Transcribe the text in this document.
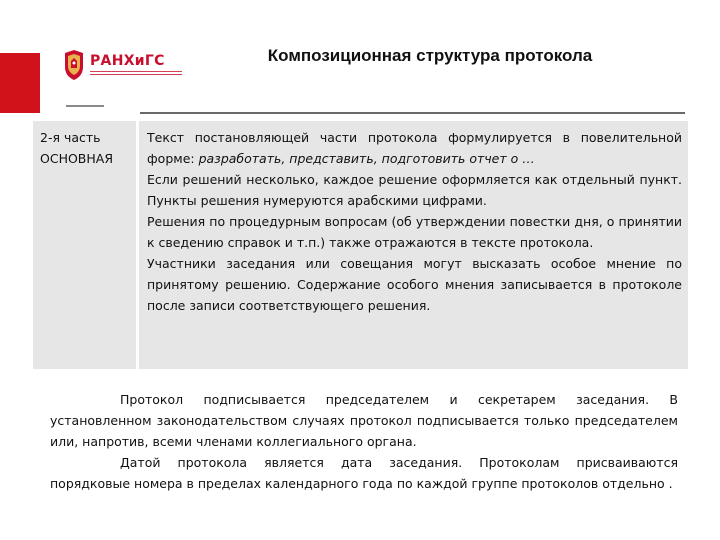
РАНХиГС	Композиционная структура протокола
2-я часть
ОСНОВНАЯ

Текст постановляющей части протокола формулируется в повелительной форме: разработать, представить, подготовить отчет о …

Если решений несколько, каждое решение оформляется как отдельный пункт. Пункты решения нумеруются арабскими цифрами.

Решения по процедурным вопросам (об утверждении повестки дня, о принятии к сведению справок и т.п.) также отражаются в тексте протокола.

Участники заседания или совещания могут высказать особое мнение по принятому решению. Содержание особого мнения записывается в протоколе после записи соответствующего решения.

Протокол подписывается председателем и секретарем заседания. В установленном законодательством случаях протокол подписывается только председателем или, напротив, всеми членами коллегиального органа.

Датой протокола является дата заседания. Протоколам присваиваются порядковые номера в пределах календарного года по каждой группе протоколов отдельно .
